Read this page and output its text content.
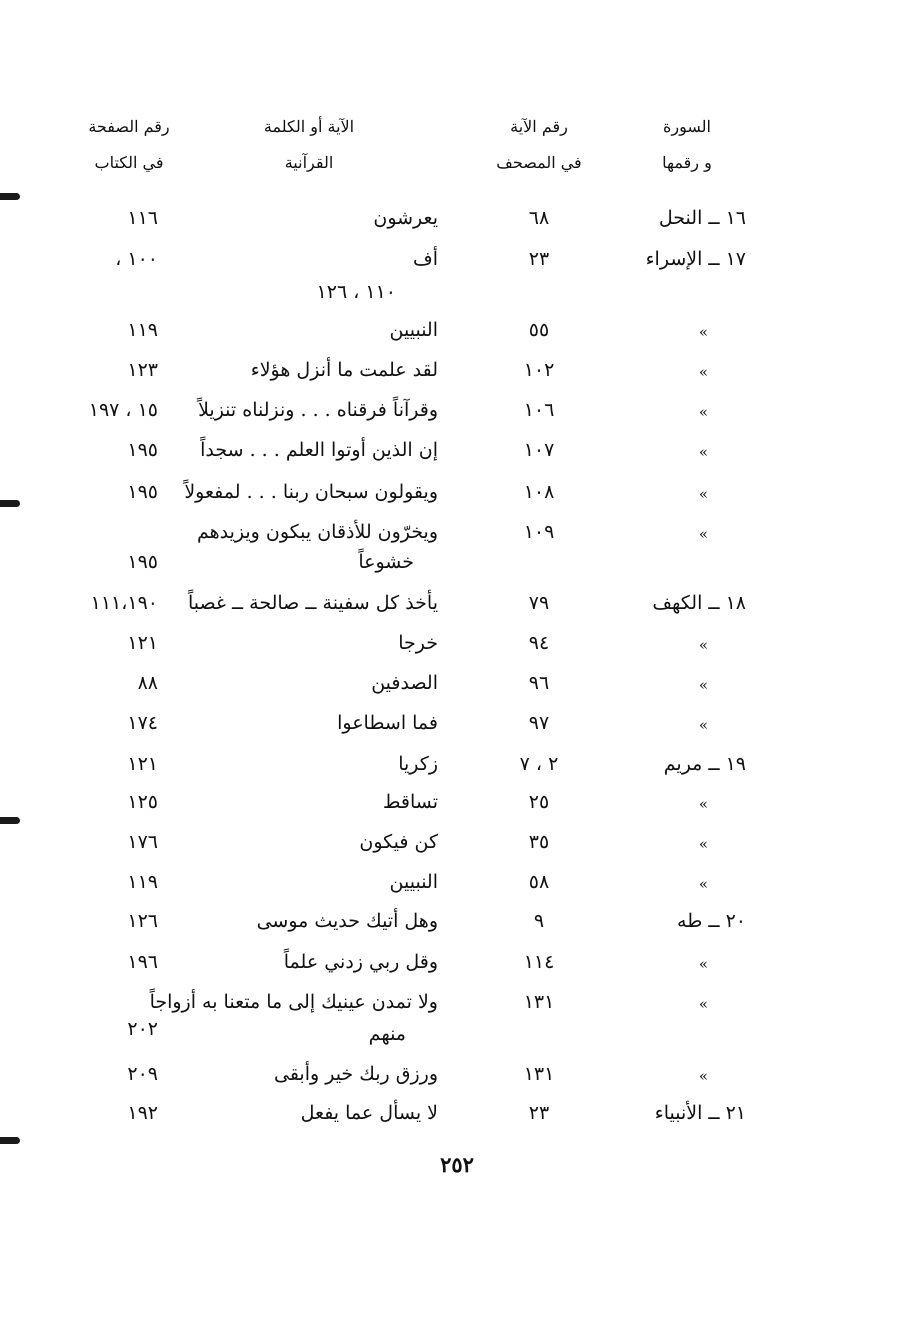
السورة
و رقمها
رقم الآية
في المصحف
الآية أو الكلمة
القرآنية
رقم الصفحة
في الكتاب
١٦ ــ النحل
٦٨
يعرشون
١١٦
١٧ ــ الإسراء
٢٣
أف
١٠٠ ،
١١٠ ، ١٢٦
»
٥٥
النبيين
١١٩
»
١٠٢
لقد علمت ما أنزل هؤلاء
١٢٣
»
١٠٦
وقرآناً فرقناه . . . ونزلناه تنزيلاً
١٥ ، ١٩٧
»
١٠٧
إن الذين أوتوا العلم . . . سجداً
١٩٥
»
١٠٨
ويقولون سبحان ربنا . . . لمفعولاً
١٩٥
»
١٠٩
ويخرّون للأذقان يبكون ويزيدهم
خشوعاً
١٩٥
١٨ ــ الكهف
٧٩
يأخذ كل سفينة ــ صالحة ــ غصباً
١١١،١٩٠
»
٩٤
خرجا
١٢١
»
٩٦
الصدفين
٨٨
»
٩٧
فما اسطاعوا
١٧٤
١٩ ــ مريم
٢ ، ٧
زكريا
١٢١
»
٢٥
تساقط
١٢٥
»
٣٥
كن فيكون
١٧٦
»
٥٨
النبيين
١١٩
٢٠ ــ طه
٩
وهل أتيك حديث موسى
١٢٦
»
١١٤
وقل ربي زدني علماً
١٩٦
»
١٣١
ولا تمدن عينيك إلى ما متعنا به أزواجاً
منهم
٢٠٢
»
١٣١
ورزق ربك خير وأبقى
٢٠٩
٢١ ــ الأنبياء
٢٣
لا يسأل عما يفعل
١٩٢
٢٥٢
